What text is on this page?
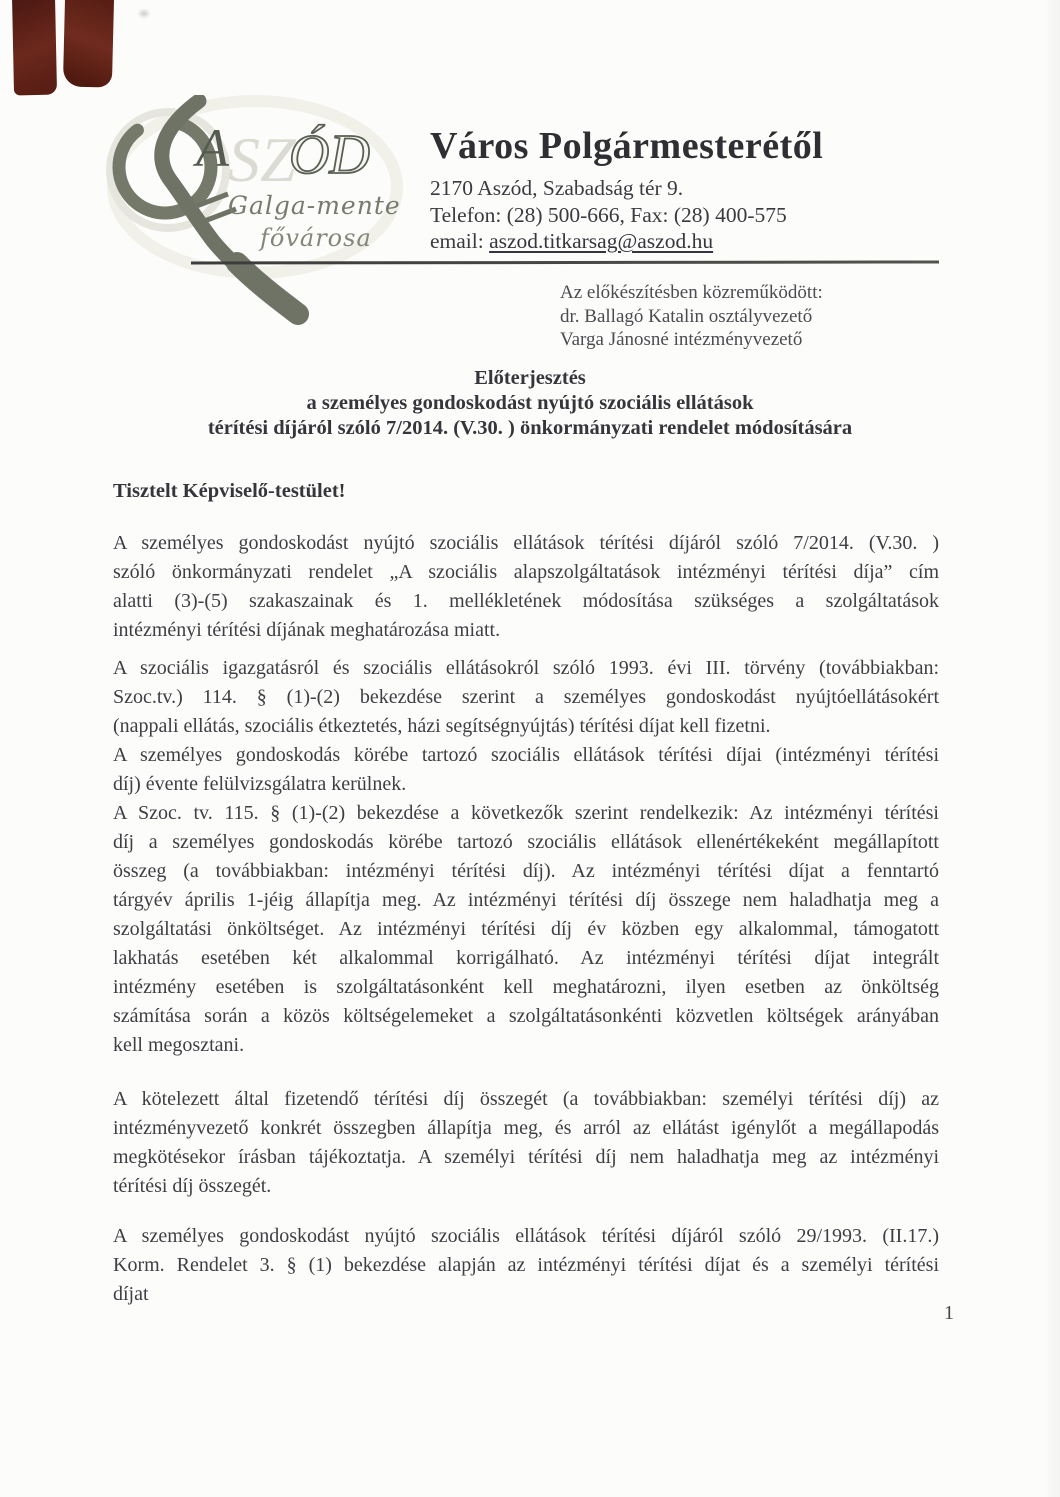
A SZ
ÓD
Galga-mente
fővárosa
Város Polgármesterétől
2170 Aszód, Szabadság tér 9.
Telefon: (28) 500-666, Fax: (28) 400-575
email: aszod.titkarsag@aszod.hu
Az előkészítésben közreműködött:
dr. Ballagó Katalin osztályvezető
Varga Jánosné intézményvezető
Előterjesztés
a személyes gondoskodást nyújtó szociális ellátások
térítési díjáról szóló 7/2014. (V.30. ) önkormányzati rendelet módosítására
Tisztelt Képviselő-testület!
A személyes gondoskodást nyújtó szociális ellátások térítési díjáról szóló 7/2014. (V.30. )
szóló önkormányzati rendelet „A szociális alapszolgáltatások intézményi térítési díja” cím
alatti (3)-(5) szakaszainak és 1. mellékletének módosítása szükséges a szolgáltatások
intézményi térítési díjának meghatározása miatt.
A szociális igazgatásról és szociális ellátásokról szóló 1993. évi III. törvény (továbbiakban:
Szoc.tv.) 114. § (1)-(2) bekezdése szerint a személyes gondoskodást nyújtóellátásokért
(nappali ellátás, szociális étkeztetés, házi segítségnyújtás) térítési díjat kell fizetni.
A személyes gondoskodás körébe tartozó szociális ellátások térítési díjai (intézményi térítési
díj) évente felülvizsgálatra kerülnek.
A Szoc. tv. 115. § (1)-(2) bekezdése a következők szerint rendelkezik: Az intézményi térítési
díj a személyes gondoskodás körébe tartozó szociális ellátások ellenértékeként megállapított
összeg (a továbbiakban: intézményi térítési díj). Az intézményi térítési díjat a fenntartó
tárgyév április 1-jéig állapítja meg. Az intézményi térítési díj összege nem haladhatja meg a
szolgáltatási önköltséget. Az intézményi térítési díj év közben egy alkalommal, támogatott
lakhatás esetében két alkalommal korrigálható. Az intézményi térítési díjat integrált
intézmény esetében is szolgáltatásonként kell meghatározni, ilyen esetben az önköltség
számítása során a közös költségelemeket a szolgáltatásonkénti közvetlen költségek arányában
kell megosztani.
A kötelezett által fizetendő térítési díj összegét (a továbbiakban: személyi térítési díj) az
intézményvezető konkrét összegben állapítja meg, és arról az ellátást igénylőt a megállapodás
megkötésekor írásban tájékoztatja. A személyi térítési díj nem haladhatja meg az intézményi
térítési díj összegét.
A személyes gondoskodást nyújtó szociális ellátások térítési díjáról szóló 29/1993. (II.17.)
Korm. Rendelet 3. § (1) bekezdése alapján az intézményi térítési díjat és a személyi térítési
díjat
1
